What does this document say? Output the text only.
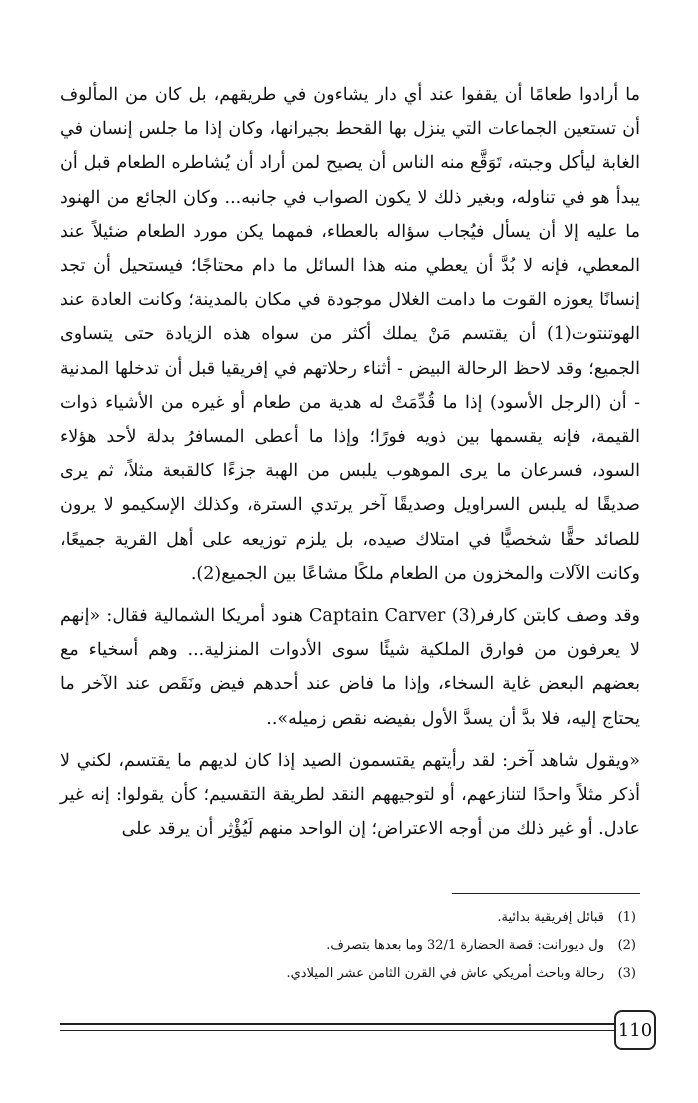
ما أرادوا طعامًا أن يقفوا عند أي دار يشاءون في طريقهم، بل كان من المألوف أن تستعين الجماعات التي ينزل بها القحط بجيرانها، وكان إذا ما جلس إنسان في الغابة ليأكل وجبته، تَوَقَّع منه الناس أن يصيح لمن أراد أن يُشاطره الطعام قبل أن يبدأ هو في تناوله، وبغير ذلك لا يكون الصواب في جانبه... وكان الجائع من الهنود ما عليه إلا أن يسأل فيُجاب سؤاله بالعطاء، فمهما يكن مورد الطعام ضئيلاً عند المعطي، فإنه لا بُدَّ أن يعطي منه هذا السائل ما دام محتاجًا؛ فيستحيل أن تجد إنسانًا يعوزه القوت ما دامت الغلال موجودة في مكان بالمدينة؛ وكانت العادة عند الهوتنتوت(1) أن يقتسم مَنْ يملك أكثر من سواه هذه الزيادة حتى يتساوى الجميع؛ وقد لاحظ الرحالة البيض - أثناء رحلاتهم في إفريقيا قبل أن تدخلها المدنية - أن (الرجل الأسود) إذا ما قُدِّمَتْ له هدية من طعام أو غيره من الأشياء ذوات القيمة، فإنه يقسمها بين ذويه فورًا؛ وإذا ما أعطى المسافرُ بدلة لأحد هؤلاء السود، فسرعان ما يرى الموهوب يلبس من الهبة جزءًا كالقبعة مثلاً، ثم يرى صديقًا له يلبس السراويل وصديقًا آخر يرتدي السترة، وكذلك الإسكيمو لا يرون للصائد حقًّا شخصيًّا في امتلاك صيده، بل يلزم توزيعه على أهل القرية جميعًا، وكانت الآلات والمخزون من الطعام ملكًا مشاعًا بين الجميع(2).

وقد وصف كابتن كارفر(3) Captain Carver هنود أمريكا الشمالية فقال: «إنهم لا يعرفون من فوارق الملكية شيئًا سوى الأدوات المنزلية... وهم أسخياء مع بعضهم البعض غاية السخاء، وإذا ما فاض عند أحدهم فيض ونَقَص عند الآخر ما يحتاج إليه، فلا بدَّ أن يسدَّ الأول بفيضه نقص زميله»..

«ويقول شاهد آخر: لقد رأيتهم يقتسمون الصيد إذا كان لديهم ما يقتسم، لكني لا أذكر مثلاً واحدًا لتنازعهم، أو لتوجيههم النقد لطريقة التقسيم؛ كأن يقولوا: إنه غير عادل. أو غير ذلك من أوجه الاعتراض؛ إن الواحد منهم لَيُؤْثِر أن يرقد على

(1)قبائل إفريقية بدائية.

(2)ول ديورانت: قصة الحضارة 32/1 وما بعدها بتصرف.

(3)رحالة وباحث أمريكي عاش في القرن الثامن عشر الميلادي.

110
